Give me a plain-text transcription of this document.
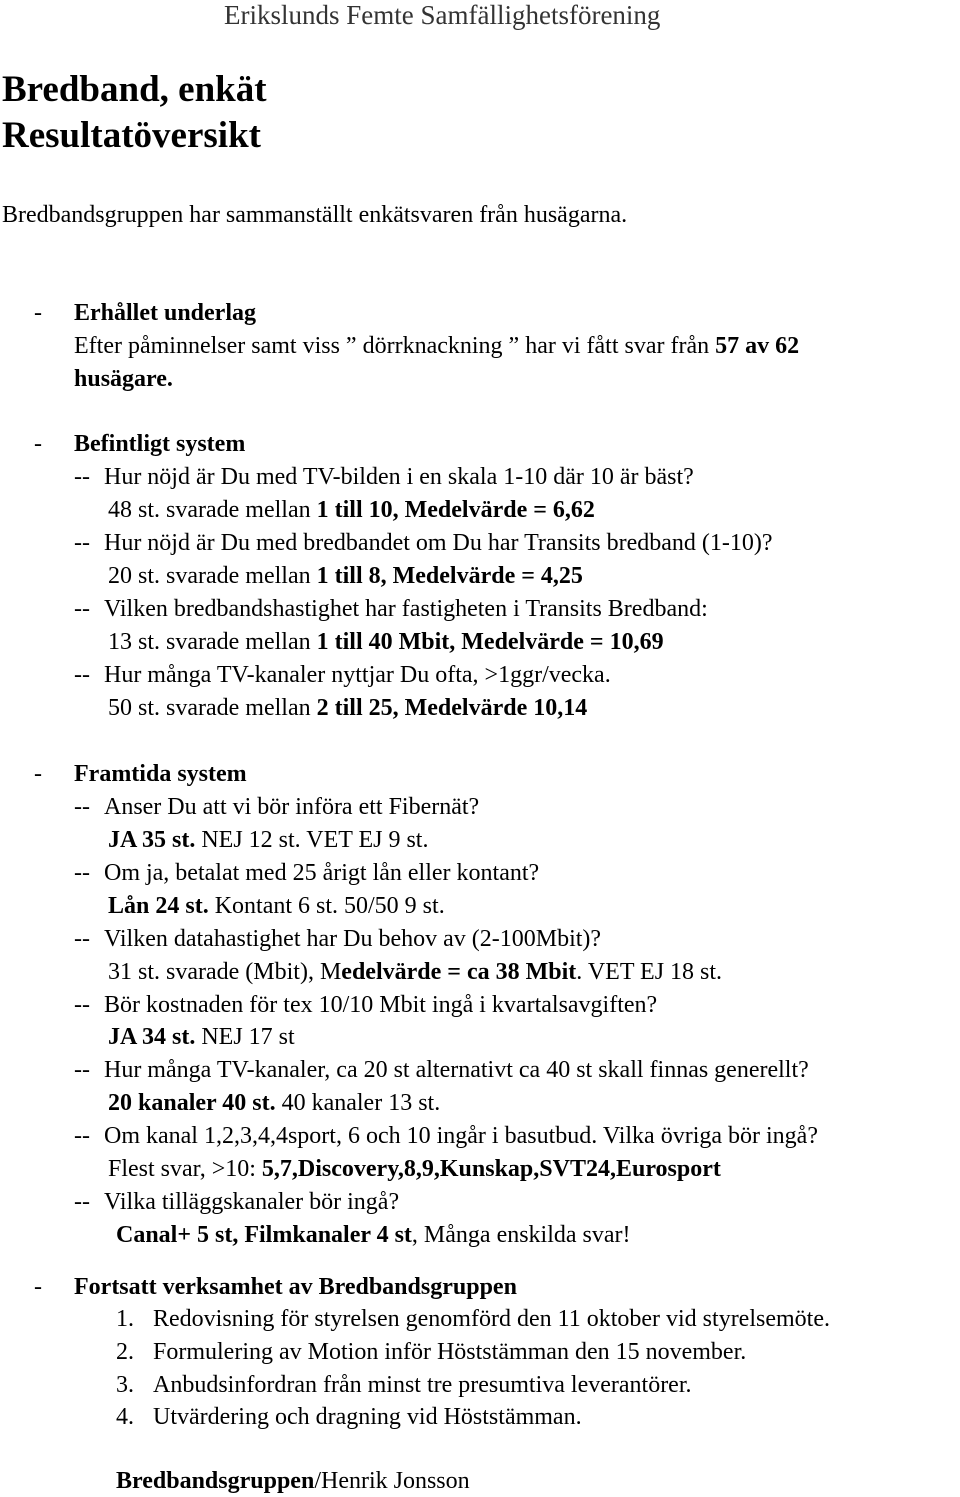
Erikslunds Femte Samfällighetsförening
Bredband, enkät
Resultatöversikt
Bredbandsgruppen har sammanställt enkätsvaren från husägarna.
- Erhållet underlag
Efter påminnelser samt viss ” dörrknackning ” har vi fått svar från 57 av 62
husägare.
- Befintligt system
-- Hur nöjd är Du med TV-bilden i en skala 1-10 där 10 är bäst?
48 st. svarade mellan 1 till 10, Medelvärde = 6,62
-- Hur nöjd är Du med bredbandet om Du har Transits bredband (1-10)?
20 st. svarade mellan 1 till 8, Medelvärde = 4,25
-- Vilken bredbandshastighet har fastigheten i Transits Bredband:
13 st. svarade mellan 1 till 40 Mbit, Medelvärde = 10,69
-- Hur många TV-kanaler nyttjar Du ofta, >1ggr/vecka.
50 st. svarade mellan 2 till 25, Medelvärde 10,14
- Framtida system
-- Anser Du att vi bör införa ett Fibernät?
JA 35 st. NEJ 12 st. VET EJ 9 st.
-- Om ja, betalat med 25 årigt lån eller kontant?
Lån 24 st. Kontant 6 st. 50/50 9 st.
-- Vilken datahastighet har Du behov av (2-100Mbit)?
31 st. svarade (Mbit), Medelvärde = ca 38 Mbit. VET EJ 18 st.
-- Bör kostnaden för tex 10/10 Mbit ingå i kvartalsavgiften?
JA 34 st. NEJ 17 st
-- Hur många TV-kanaler, ca 20 st alternativt ca 40 st skall finnas generellt?
20 kanaler 40 st. 40 kanaler 13 st.
-- Om kanal 1,2,3,4,4sport, 6 och 10 ingår i basutbud. Vilka övriga bör ingå?
Flest svar, >10: 5,7,Discovery,8,9,Kunskap,SVT24,Eurosport
-- Vilka tilläggskanaler bör ingå?
Canal+ 5 st, Filmkanaler 4 st, Många enskilda svar!
- Fortsatt verksamhet av Bredbandsgruppen
1. Redovisning för styrelsen genomförd den 11 oktober vid styrelsemöte.
2. Formulering av Motion inför Höststämman den 15 november.
3. Anbudsinfordran från minst tre presumtiva leverantörer.
4. Utvärdering och dragning vid Höststämman.
Bredbandsgruppen/Henrik Jonsson
